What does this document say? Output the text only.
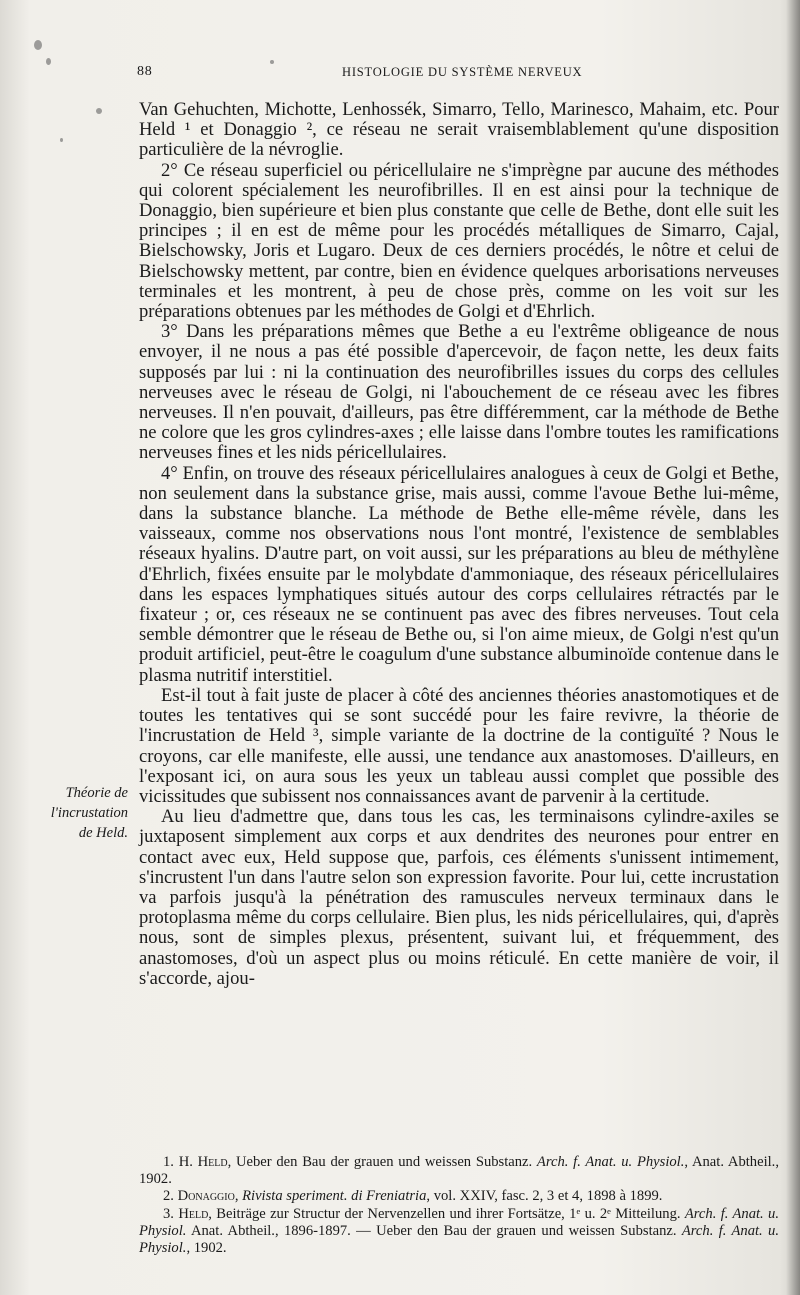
88	HISTOLOGIE DU SYSTÈME NERVEUX
Théorie de
l'incrustation
de Held.

Van Gehuchten, Michotte, Lenhossék, Simarro, Tello, Marinesco, Mahaim, etc. Pour Held ¹ et Donaggio ², ce réseau ne serait vraisemblablement qu'une disposition particulière de la névroglie.

2° Ce réseau superficiel ou péricellulaire ne s'imprègne par aucune des méthodes qui colorent spécialement les neurofibrilles. Il en est ainsi pour la technique de Donaggio, bien supérieure et bien plus constante que celle de Bethe, dont elle suit les principes ; il en est de même pour les procédés métalliques de Simarro, Cajal, Bielschowsky, Joris et Lugaro. Deux de ces derniers procédés, le nôtre et celui de Bielschowsky mettent, par contre, bien en évidence quelques arborisations nerveuses terminales et les montrent, à peu de chose près, comme on les voit sur les préparations obtenues par les méthodes de Golgi et d'Ehrlich.

3° Dans les préparations mêmes que Bethe a eu l'extrême obligeance de nous envoyer, il ne nous a pas été possible d'apercevoir, de façon nette, les deux faits supposés par lui : ni la continuation des neurofibrilles issues du corps des cellules nerveuses avec le réseau de Golgi, ni l'abouchement de ce réseau avec les fibres nerveuses. Il n'en pouvait, d'ailleurs, pas être différemment, car la méthode de Bethe ne colore que les gros cylindres-axes ; elle laisse dans l'ombre toutes les ramifications nerveuses fines et les nids péricellulaires.

4° Enfin, on trouve des réseaux péricellulaires analogues à ceux de Golgi et Bethe, non seulement dans la substance grise, mais aussi, comme l'avoue Bethe lui-même, dans la substance blanche. La méthode de Bethe elle-même révèle, dans les vaisseaux, comme nos observations nous l'ont montré, l'existence de semblables réseaux hyalins. D'autre part, on voit aussi, sur les préparations au bleu de méthylène d'Ehrlich, fixées ensuite par le molybdate d'ammoniaque, des réseaux péricellulaires dans les espaces lymphatiques situés autour des corps cellulaires rétractés par le fixateur ; or, ces réseaux ne se continuent pas avec des fibres nerveuses. Tout cela semble démontrer que le réseau de Bethe ou, si l'on aime mieux, de Golgi n'est qu'un produit artificiel, peut-être le coagulum d'une substance albuminoïde contenue dans le plasma nutritif interstitiel.

Est-il tout à fait juste de placer à côté des anciennes théories anastomotiques et de toutes les tentatives qui se sont succédé pour les faire revivre, la théorie de l'incrustation de Held ³, simple variante de la doctrine de la contiguïté ? Nous le croyons, car elle manifeste, elle aussi, une tendance aux anastomoses. D'ailleurs, en l'exposant ici, on aura sous les yeux un tableau aussi complet que possible des vicissitudes que subissent nos connaissances avant de parvenir à la certitude.

Au lieu d'admettre que, dans tous les cas, les terminaisons cylindre-axiles se juxtaposent simplement aux corps et aux dendrites des neurones pour entrer en contact avec eux, Held suppose que, parfois, ces éléments s'unissent intimement, s'incrustent l'un dans l'autre selon son expression favorite. Pour lui, cette incrustation va parfois jusqu'à la pénétration des ramuscules nerveux terminaux dans le protoplasma même du corps cellulaire. Bien plus, les nids péricellulaires, qui, d'après nous, sont de simples plexus, présentent, suivant lui, et fréquemment, des anastomoses, d'où un aspect plus ou moins réticulé. En cette manière de voir, il s'accorde, ajou-

1. H. Held, Ueber den Bau der grauen und weissen Substanz. Arch. f. Anat. u. Physiol., Anat. Abtheil., 1902.

2. Donaggio, Rivista speriment. di Freniatria, vol. XXIV, fasc. 2, 3 et 4, 1898 à 1899.

3. Held, Beiträge zur Structur der Nervenzellen und ihrer Fortsätze, 1ᵉ u. 2ᵉ Mitteilung. Arch. f. Anat. u. Physiol. Anat. Abtheil., 1896-1897. — Ueber den Bau der grauen und weissen Substanz. Arch. f. Anat. u. Physiol., 1902.
